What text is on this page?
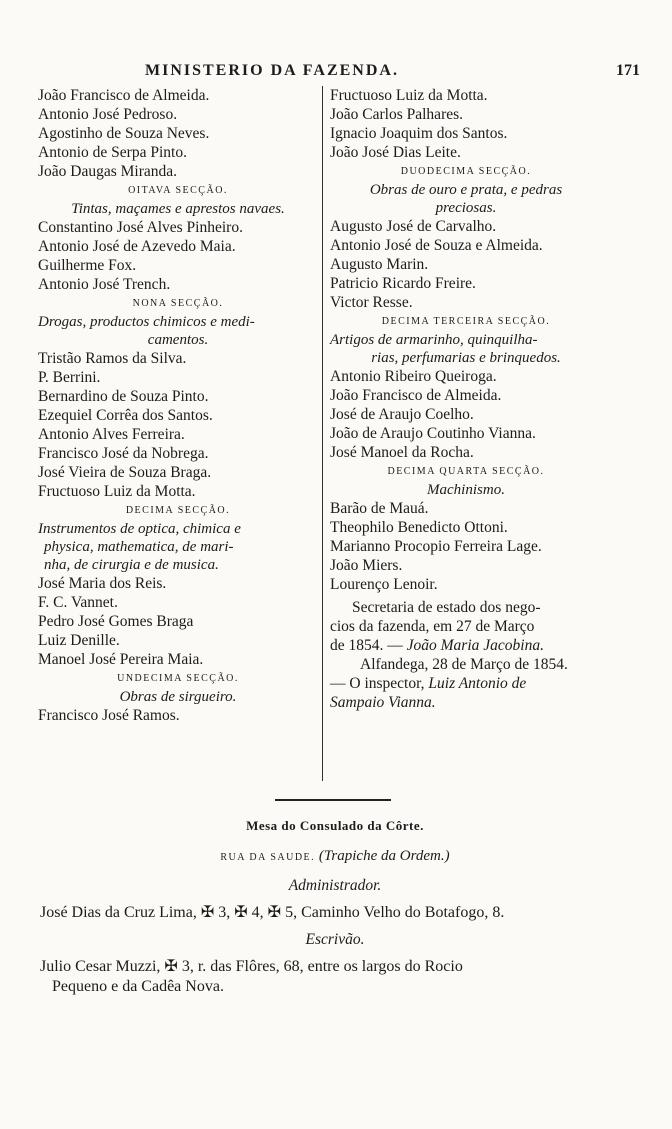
MINISTERIO DA FAZENDA.	171
João Francisco de Almeida.
Antonio José Pedroso.
Agostinho de Souza Neves.
Antonio de Serpa Pinto.
João Daugas Miranda.
OITAVA SECÇÃO.
Tintas, maçames e aprestos navaes.
Constantino José Alves Pinheiro.
Antonio José de Azevedo Maia.
Guilherme Fox.
Antonio José Trench.
NONA SECÇÃO.
Drogas, productos chimicos e medi-
camentos.
Tristão Ramos da Silva.
P. Berrini.
Bernardino de Souza Pinto.
Ezequiel Corrêa dos Santos.
Antonio Alves Ferreira.
Francisco José da Nobrega.
José Vieira de Souza Braga.
Fructuoso Luiz da Motta.
DECIMA SECÇÃO.
Instrumentos de optica, chimica e
physica, mathematica, de mari-
nha, de cirurgia e de musica.
José Maria dos Reis.
F. C. Vannet.
Pedro José Gomes Braga
Luiz Denille.
Manoel José Pereira Maia.
UNDECIMA SECÇÃO.
Obras de sirgueiro.
Francisco José Ramos.
Fructuoso Luiz da Motta.
João Carlos Palhares.
Ignacio Joaquim dos Santos.
João José Dias Leite.
DUODECIMA SECÇÃO.
Obras de ouro e prata, e pedras
preciosas.
Augusto José de Carvalho.
Antonio José de Souza e Almeida.
Augusto Marin.
Patricio Ricardo Freire.
Victor Resse.
DECIMA TERCEIRA SECÇÃO.
Artigos de armarinho, quinquilha-
rias, perfumarias e brinquedos.
Antonio Ribeiro Queiroga.
João Francisco de Almeida.
José de Araujo Coelho.
João de Araujo Coutinho Vianna.
José Manoel da Rocha.
DECIMA QUARTA SECÇÃO.
Machinismo.
Barão de Mauá.
Theophilo Benedicto Ottoni.
Marianno Procopio Ferreira Lage.
João Miers.
Lourenço Lenoir.
Secretaria de estado dos nego-
cios da fazenda, em 27 de Março
de 1854. — João Maria Jacobina.
Alfandega, 28 de Março de 1854.
— O inspector, Luiz Antonio de
Sampaio Vianna.
Mesa do Consulado da Côrte.
RUA DA SAUDE. (Trapiche da Ordem.)
Administrador.
José Dias da Cruz Lima, ✠ 3, ✠ 4, ✠ 5, Caminho Velho do Botafogo, 8.
Escrivão.
Julio Cesar Muzzi, ✠ 3, r. das Flôres, 68, entre os largos do Rocio
Pequeno e da Cadêa Nova.
